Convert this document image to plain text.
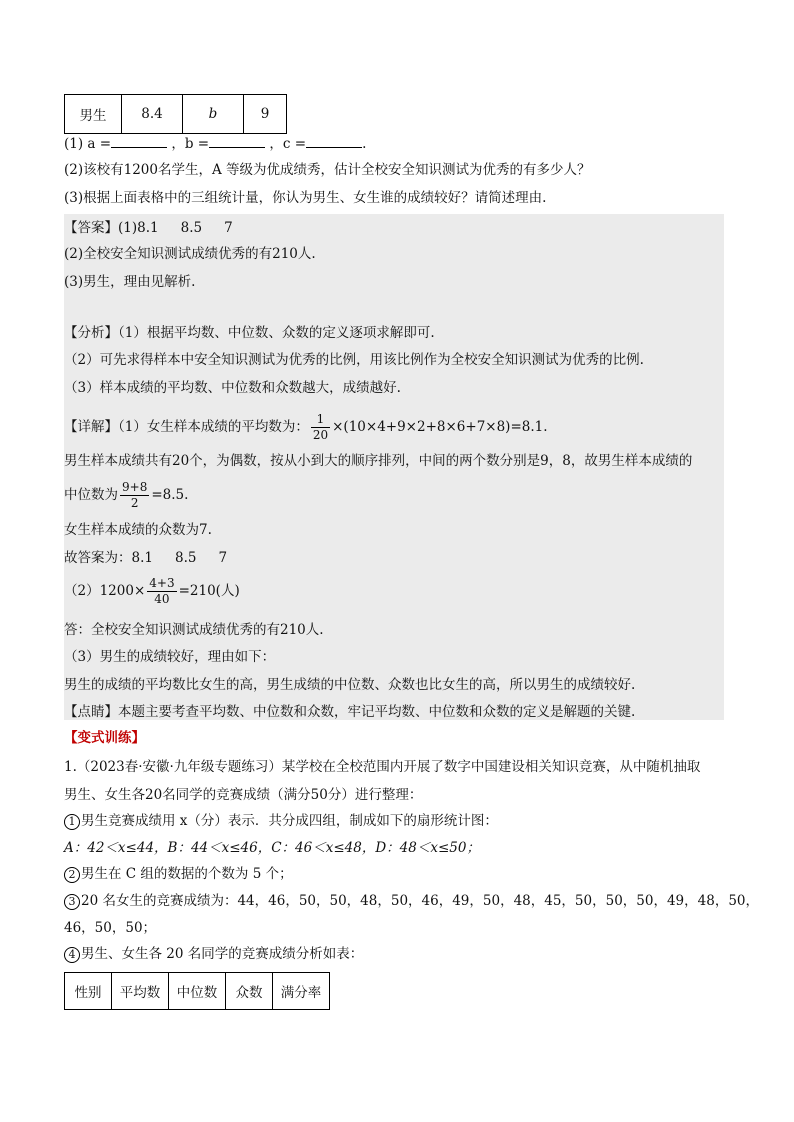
男生	8.4	b	9
(1) a =	，b =	，c =	.
(2)该校有1200名学生，A 等级为优成绩秀，估计全校安全知识测试为优秀的有多少人？
(3)根据上面表格中的三组统计量，你认为男生、女生谁的成绩较好？请简述理由.
【答案】(1)8.1 8.5 7
(2)全校安全知识测试成绩优秀的有210人.
(3)男生，理由见解析.
【分析】（1）根据平均数、中位数、众数的定义逐项求解即可.
（2）可先求得样本中安全知识测试为优秀的比例，用该比例作为全校安全知识测试为优秀的比例.
（3）样本成绩的平均数、中位数和众数越大，成绩越好.
【详解】（1）女生样本成绩的平均数为： $\frac{1}{20} \times(10\times 4+9\times 2+8\times 6+7\times 8)=8.1$.
男生样本成绩共有20个，为偶数，按从小到大的顺序排列，中间的两个数分别是9，8，故男生样本成绩的
中位数为 $\frac{9+8}{2} =8.5$.
女生样本成绩的众数为7.
故答案为：8.1 8.5 7
$(2)1200\times \frac{4+3}{40} =210$(人)
答：全校安全知识测试成绩优秀的有210人.
（3）男生的成绩较好，理由如下：
男生的成绩的平均数比女生的高，男生成绩的中位数、众数也比女生的高，所以男生的成绩较好.
【点睛】本题主要考查平均数、中位数和众数，牢记平均数、中位数和众数的定义是解题的关键.
【变式训练】
1.（2023春·安徽·九年级专题练习）某学校在全校范围内开展了数字中国建设相关知识竞赛，从中随机抽取
男生、女生各20名同学的竞赛成绩（满分50分）进行整理：
1 男生竞赛成绩用 x（分）表示．共分成四组，制成如下的扇形统计图：
A：42＜x≤44，B：44＜x≤46，C：46＜x≤48，D：48＜x≤50；
2 男生在 C 组的数据的个数为 5 个；
3 20 名女生的竞赛成绩为：44，46，50，50，48，50，46，49，50，48，45，50，50，50，49，48，50，
46，50，50；
4 男生、女生各 20 名同学的竞赛成绩分析如表：
性别	平均数	中位数	众数	满分率
